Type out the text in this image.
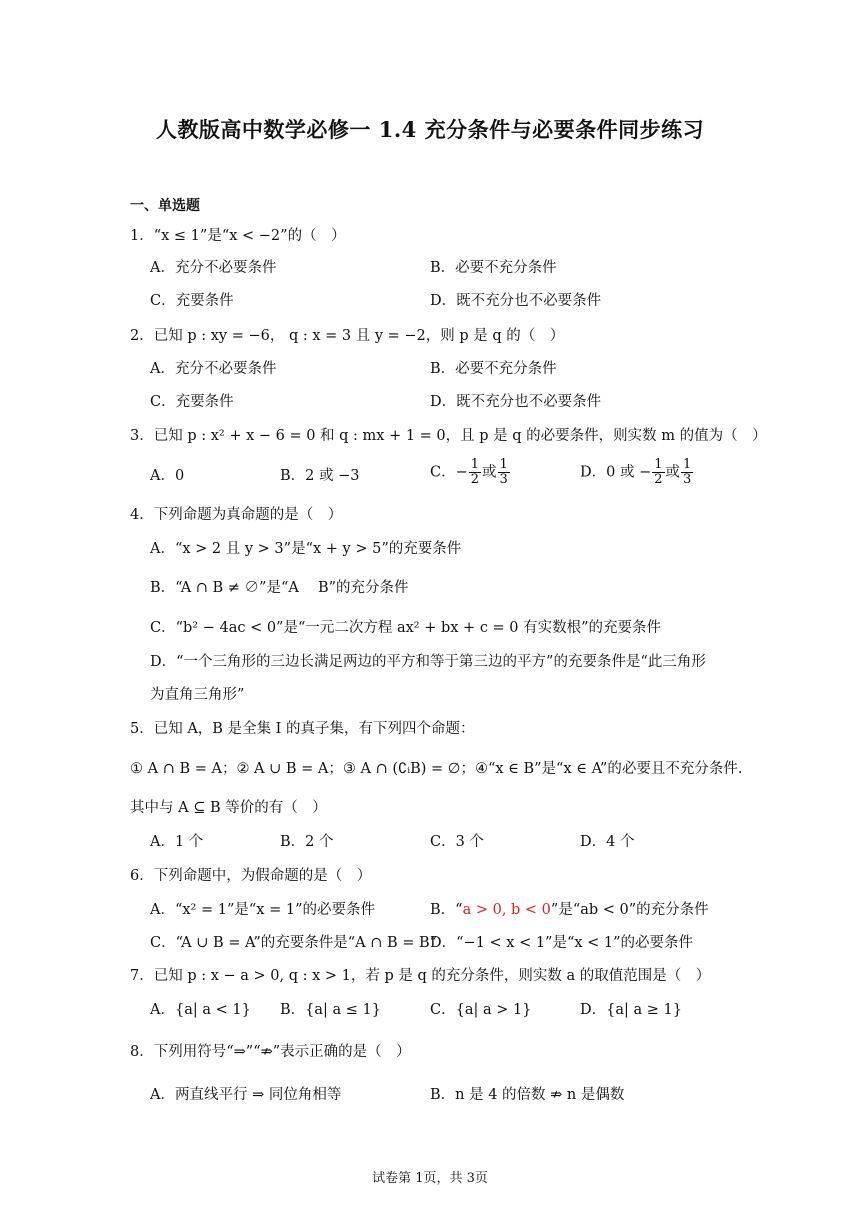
人教版高中数学必修一 1.4 充分条件与必要条件同步练习
一、单选题
1．“x ≤ 1”是“x < −2”的（　）
A．充分不必要条件	B．必要不充分条件
C．充要条件	D．既不充分也不必要条件
2．已知 p : xy = −6， q : x = 3 且 y = −2，则 p 是 q 的（　）
A．充分不必要条件	B．必要不充分条件
C．充要条件	D．既不充分也不必要条件
3．已知 p : x² + x − 6 = 0 和 q : mx + 1 = 0，且 p 是 q 的必要条件，则实数 m 的值为（　）
A．0	B．2 或 −3	C．− $\frac{1}{2}$ 或 $\frac{1}{3}$	D．0 或 − $\frac{1}{2}$ 或 $\frac{1}{3}$
4．下列命题为真命题的是（　）
A．“x > 2 且 y > 3”是“x + y > 5”的充要条件
B．“A ∩ B ≠ ∅”是“A　 B”的充分条件
C．“b² − 4ac < 0”是“一元二次方程 ax² + bx + c = 0 有实数根”的充要条件
D．“一个三角形的三边长满足两边的平方和等于第三边的平方”的充要条件是“此三角形
为直角三角形”
5．已知 A，B 是全集 I 的真子集，有下列四个命题：
① A ∩ B = A；② A ∪ B = A；③ A ∩ (∁ᵢB) = ∅；④“x ∈ B”是“x ∈ A”的必要且不充分条件.
其中与 A ⊆ B 等价的有（　）
A．1 个	B．2 个	C．3 个	D．4 个
6．下列命题中，为假命题的是（　）
A．“x² = 1”是“x = 1”的必要条件	B．“a > 0, b < 0”是“ab < 0”的充分条件
C．“A ∪ B = A”的充要条件是“A ∩ B = B”
D．“−1 < x < 1”是“x < 1”的必要条件
7．已知 p : x − a > 0, q : x > 1，若 p 是 q 的充分条件，则实数 a 的取值范围是（　）
A．{a| a < 1} B．{a| a ≤ 1}	C．{a| a > 1}	D．{a| a ≥ 1}
8．下列用符号“⇒”“⇏”表示正确的是（　）
A．两直线平行 ⇒ 同位角相等	B．n 是 4 的倍数 ⇏ n 是偶数
试卷第 1页，共 3页
